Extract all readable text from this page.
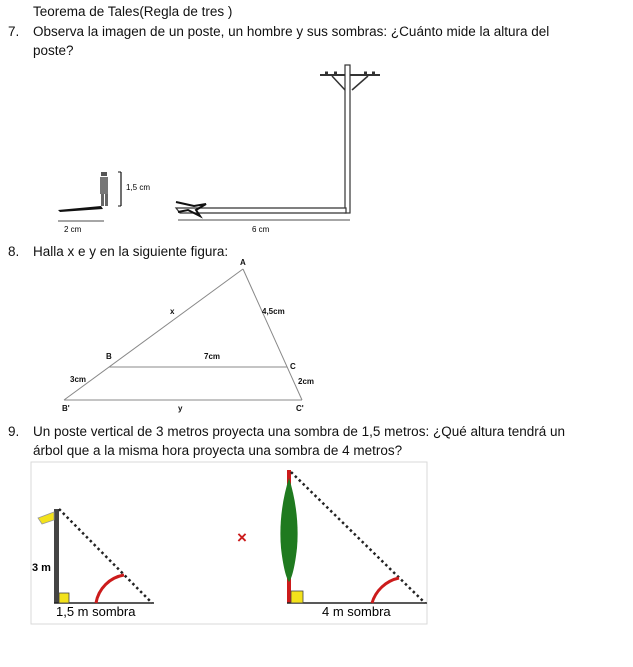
Teorema de Tales(Regla de tres )
7. Observa la imagen de un poste, un hombre y sus sombras: ¿Cuánto mide la altura del
poste?
1,5 cm
2 cm	6 cm
8. Halla x e y en la siguiente figura:
A
x	4,5cm
B	7cm
C
3cm	2cm
B'	y	C'
9. Un poste vertical de 3 metros proyecta una sombra de 1,5 metros: ¿Qué altura tendrá un
árbol que a la misma hora proyecta una sombra de 4 metros?
3 m
1,5 m sombra
×
4 m sombra
